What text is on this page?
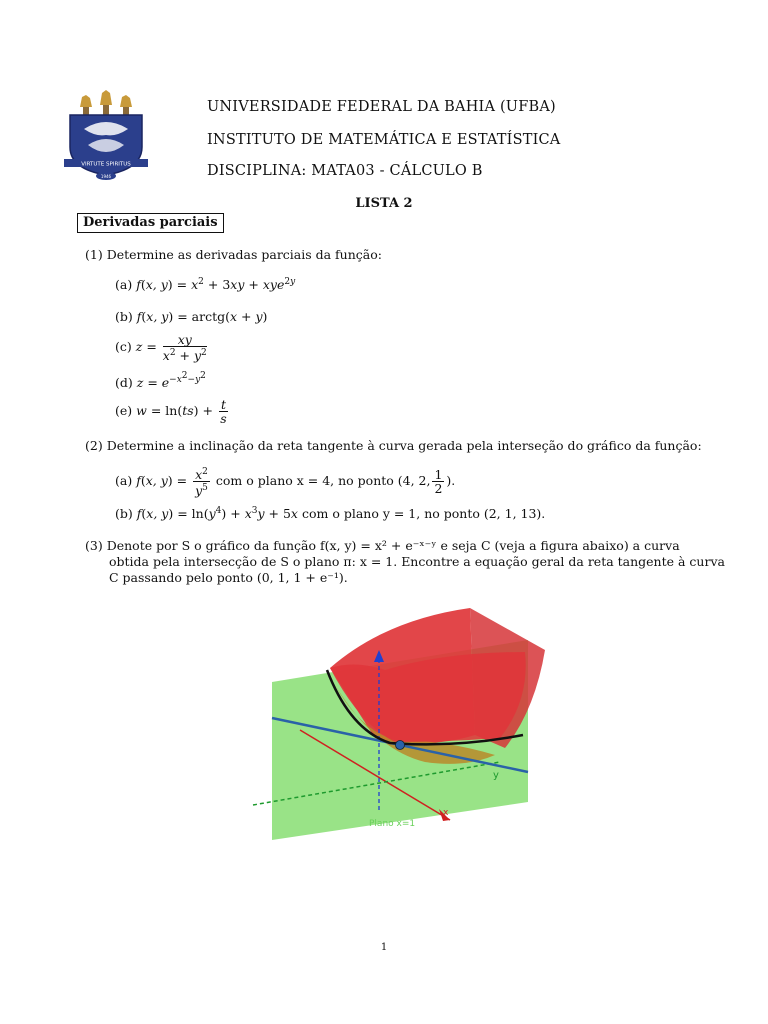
VIRTUTE SPIRITUS
1946
UNIVERSIDADE FEDERAL DA BAHIA (UFBA)
INSTITUTO DE MATEMÁTICA E ESTATÍSTICA
DISCIPLINA: MATA03 - CÁLCULO B
LISTA 2
Derivadas parciais
(1) Determine as derivadas parciais da função:
(a) f(x, $y) = x^2 + 3xy + xye^{2y}$
(b) f(x, y) = arctg(x + y)
(c) $z = \frac{xy}{x^2 + y^2}$
(d) $z = e^{-x^2-y^2}$
(e) $w = \ln(ts) + \frac{t}{s}$
(2) Determine a inclinação da reta tangente à curva gerada pela interseção do gráfico da função:
(a) f(x, $y) = \frac{x^2}{y^5}$ com o plano x = 4, no ponto (4, 2, $\frac{1}{2}$ ).
(b) f(x, $y) = \ln(y^4) + x^3y + 5x$ com o plano y = 1, no ponto (2, 1, 13).
(3) Denote por S o gráfico da função f(x, y) = x² + e⁻ˣ⁻ʸ e seja C (veja a figura abaixo) a curva
obtida pela intersecção de S o plano π: x = 1. Encontre a equação geral da reta tangente à curva
C passando pelo ponto (0, 1, 1 + e⁻¹).
x
y
Plano x=1
1
